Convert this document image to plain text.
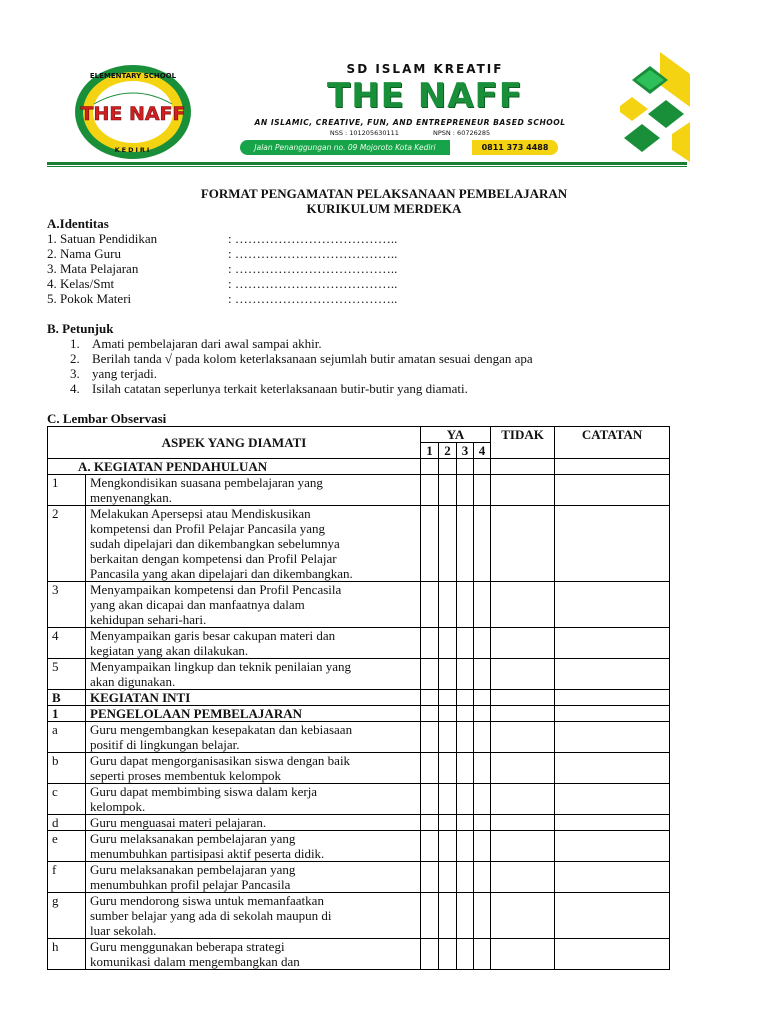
ELEMENTARY SCHOOL
THE NAFF
KEDIRI
SD ISLAM KREATIF
THE NAFF
AN ISLAMIC, CREATIVE, FUN, AND ENTREPRENEUR BASED SCHOOL
NSS : 101205630111	NPSN : 60726285
Jalan Penanggungan no. 09 Mojoroto Kota Kediri	0811 373 4488
FORMAT PENGAMATAN PELAKSANAAN PEMBELAJARAN
KURIKULUM MERDEKA
A.Identitas
1. Satuan Pendidikan	: ………………………………..
2. Nama Guru	: ………………………………..
3. Mata Pelajaran	: ………………………………..
4. Kelas/Smt	: ………………………………..
5. Pokok Materi	: ………………………………..
B. Petunjuk
1. Amati pembelajaran dari awal sampai akhir.
2. Berilah tanda √ pada kolom keterlaksanaan sejumlah butir amatan sesuai dengan apa
3. yang terjadi.
4. Isilah catatan seperlunya terkait keterlaksanaan butir-butir yang diamati.
C. Lembar Observasi
ASPEK YANG DIAMATI		YA				TIDAK	CATATAN
		1	2	3	4		
A. KEGIATAN PENDAHULUAN							
1	Mengkondisikan suasana pembelajaran yang
menyenangkan.						
2	Melakukan Apersepsi atau Mendiskusikan
kompetensi dan Profil Pelajar Pancasila yang
sudah dipelajari dan dikembangkan sebelumnya
berkaitan dengan kompetensi dan Profil Pelajar
Pancasila yang akan dipelajari dan dikembangkan.						
3	Menyampaikan kompetensi dan Profil Pencasila
yang akan dicapai dan manfaatnya dalam
kehidupan sehari-hari.						
4	Menyampaikan garis besar cakupan materi dan
kegiatan yang akan dilakukan.						
5	Menyampaikan lingkup dan teknik penilaian yang
akan digunakan.						
B	KEGIATAN INTI						
1	PENGELOLAAN PEMBELAJARAN						
a	Guru mengembangkan kesepakatan dan kebiasaan
positif di lingkungan belajar.						
b	Guru dapat mengorganisasikan siswa dengan baik
seperti proses membentuk kelompok						
c	Guru dapat membimbing siswa dalam kerja
kelompok.						
d	Guru menguasai materi pelajaran.						
e	Guru melaksanakan pembelajaran yang
menumbuhkan partisipasi aktif peserta didik.						
f	Guru melaksanakan pembelajaran yang
menumbuhkan profil pelajar Pancasila						
g	Guru mendorong siswa untuk memanfaatkan
sumber belajar yang ada di sekolah maupun di
luar sekolah.						
h	Guru menggunakan beberapa strategi
komunikasi dalam mengembangkan dan						
